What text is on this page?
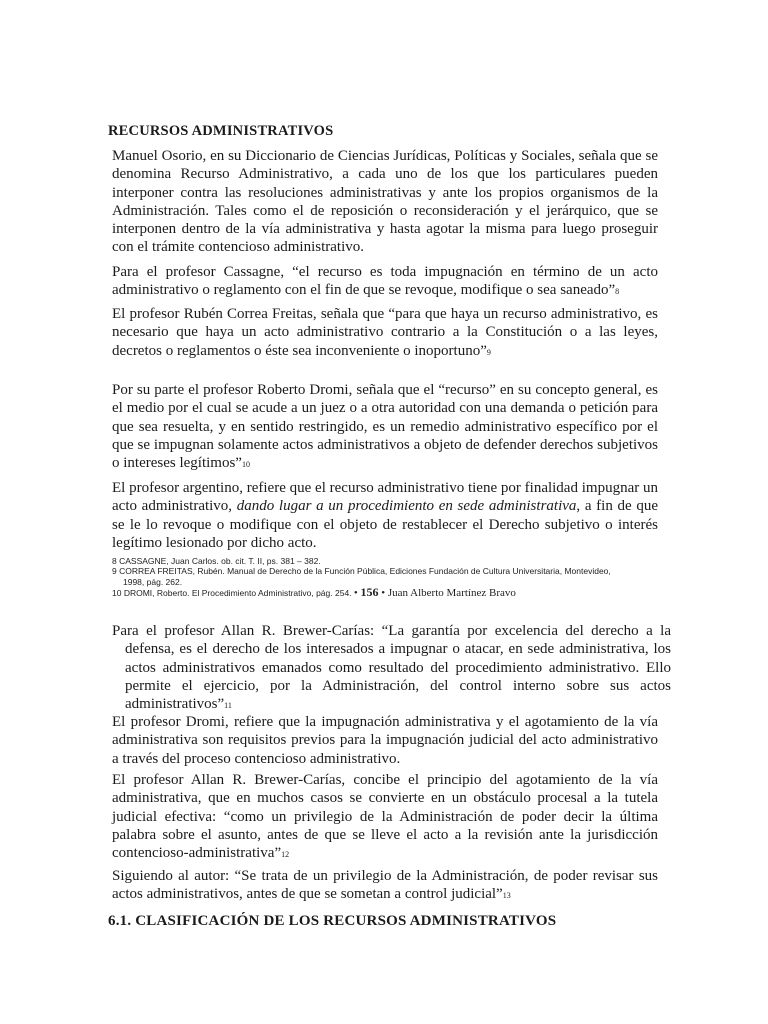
RECURSOS ADMINISTRATIVOS

Manuel Osorio, en su Diccionario de Ciencias Jurídicas, Políticas y Sociales, señala que se denomina Recurso Administrativo, a cada uno de los que los particulares pueden interponer contra las resoluciones administrativas y ante los propios organismos de la Administración. Tales como el de reposición o reconsideración y el jerárquico, que se interponen dentro de la vía administrativa y hasta agotar la misma para luego proseguir con el trámite contencioso administrativo.

Para el profesor Cassagne, “el recurso es toda impugnación en término de un acto administrativo o reglamento con el fin de que se revoque, modifique o sea saneado”8

El profesor Rubén Correa Freitas, señala que “para que haya un recurso administrativo, es necesario que haya un acto administrativo contrario a la Constitución o a las leyes, decretos o reglamentos o éste sea inconveniente o inoportuno”9

Por su parte el profesor Roberto Dromi, señala que el “recurso” en su concepto general, es el medio por el cual se acude a un juez o a otra autoridad con una demanda o petición para que sea resuelta, y en sentido restringido, es un remedio administrativo específico por el que se impugnan solamente actos administrativos a objeto de defender derechos subjetivos o intereses legítimos”10

El profesor argentino, refiere que el recurso administrativo tiene por finalidad impugnar un acto administrativo, dando lugar a un procedimiento en sede administrativa, a fin de que se le lo revoque o modifique con el objeto de restablecer el Derecho subjetivo o interés legítimo lesionado por dicho acto.

8 CASSAGNE, Juan Carlos. ob. cit. T. II, ps. 381 – 382.
9 CORREA FREITAS, Rubén. Manual de Derecho de la Función Pública, Ediciones Fundación de Cultura Universitaria, Montevideo,
1998, pág. 262.
10 DROMI, Roberto. El Procedimiento Administrativo, pág. 254. • 156 • Juan Alberto Martínez Bravo

Para el profesor Allan R. Brewer-Carías: “La garantía por excelencia del derecho a la defensa, es el derecho de los interesados a impugnar o atacar, en sede administrativa, los actos administrativos emanados como resultado del procedimiento administrativo. Ello permite el ejercicio, por la Administración, del control interno sobre sus actos administrativos”11

El profesor Dromi, refiere que la impugnación administrativa y el agotamiento de la vía administrativa son requisitos previos para la impugnación judicial del acto administrativo a través del proceso contencioso administrativo.

El profesor Allan R. Brewer-Carías, concibe el principio del agotamiento de la vía administrativa, que en muchos casos se convierte en un obstáculo procesal a la tutela judicial efectiva: “como un privilegio de la Administración de poder decir la última palabra sobre el asunto, antes de que se lleve el acto a la revisión ante la jurisdicción contencioso-administrativa”12

Siguiendo al autor: “Se trata de un privilegio de la Administración, de poder revisar sus actos administrativos, antes de que se sometan a control judicial”13

6.1. CLASIFICACIÓN DE LOS RECURSOS ADMINISTRATIVOS
